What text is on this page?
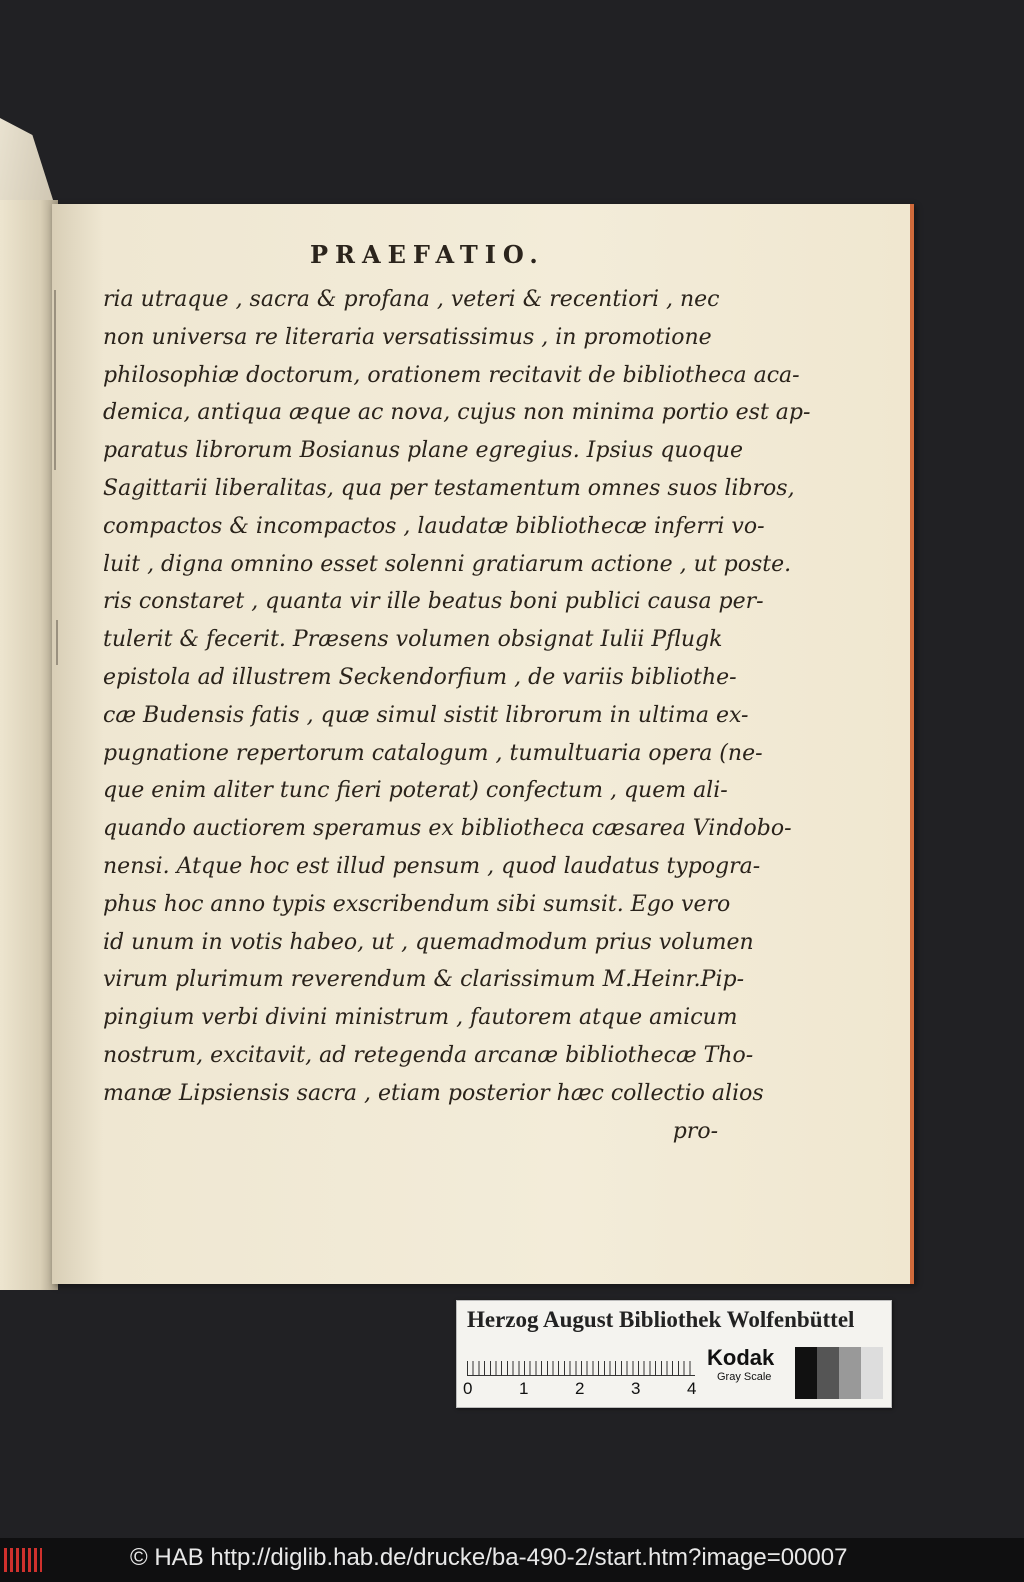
PRAEFATIO.
ria utraque , sacra & profana , veteri & recentiori , nec
non universa re literaria versatissimus , in promotione
philosophiæ doctorum, orationem recitavit de bibliotheca aca-
demica, antiqua æque ac nova, cujus non minima portio est ap-
paratus librorum Bosianus plane egregius. Ipsius quoque
Sagittarii liberalitas, qua per testamentum omnes suos libros,
compactos & incompactos , laudatæ bibliothecæ inferri vo-
luit , digna omnino esset solenni gratiarum actione , ut poste.
ris constaret , quanta vir ille beatus boni publici causa per-
tulerit & fecerit. Præsens volumen obsignat Iulii Pflugk
epistola ad illustrem Seckendorfium , de variis bibliothe-
cæ Budensis fatis , quæ simul sistit librorum in ultima ex-
pugnatione repertorum catalogum , tumultuaria opera (ne-
que enim aliter tunc fieri poterat) confectum , quem ali-
quando auctiorem speramus ex bibliotheca cæsarea Vindobo-
nensi. Atque hoc est illud pensum , quod laudatus typogra-
phus hoc anno typis exscribendum sibi sumsit. Ego vero
id unum in votis habeo, ut , quemadmodum prius volumen
virum plurimum reverendum & clarissimum M.Heinr.Pip-
pingium verbi divini ministrum , fautorem atque amicum
nostrum, excitavit, ad retegenda arcanæ bibliothecæ Tho-
manæ Lipsiensis sacra , etiam posterior hæc collectio alios
pro-
Herzog August Bibliothek Wolfenbüttel
0	1	2	3	4
Kodak
Gray Scale
© HAB http://diglib.hab.de/drucke/ba-490-2/start.htm?image=00007
